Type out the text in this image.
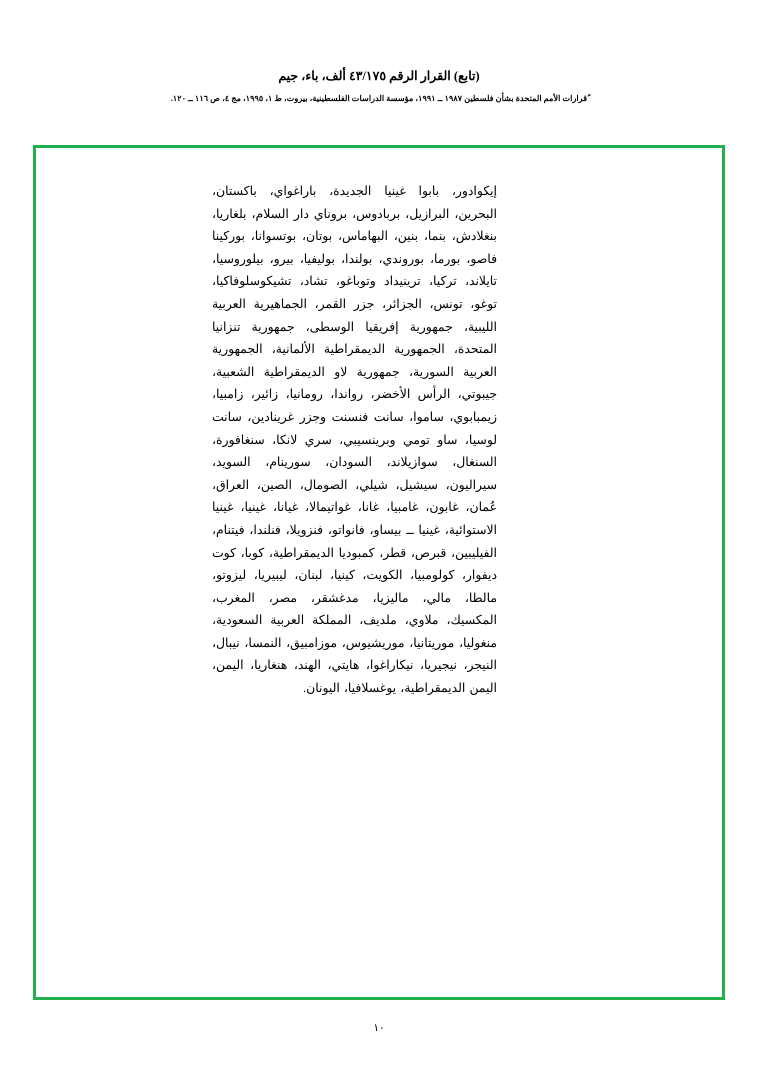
(تابع) القرار الرقم ٤٣/١٧٥ ألف، باء، جيم
ًقرارات الأمم المتحدة بشأن فلسطين ١٩٨٧ ــ ١٩٩١، مؤسسة الدراسات الفلسطينية، بيروت، ط ١، ١٩٩٥، مج ٤، ص ١١٦ ــ ١٢٠.
إيكوادور، بابوا غينيا الجديدة، باراغواي، باكستان، البحرين، البرازيل، بربادوس، بروناي دار السلام، بلغاريا، بنغلادش، بنما، بنين، البهاماس، بوتان، بوتسوانا، بوركينا فاصو، بورما، بوروندي، بولندا، بوليفيا، بيرو، بيلوروسيا، تايلاند، تركيا، ترينيداد وتوباغو، تشاد، تشيكوسلوفاكيا، توغو، تونس، الجزائر، جزر القمر، الجماهيرية العربية الليبية، جمهورية إفريقيا الوسطى، جمهورية تنزانيا المتحدة، الجمهورية الديمقراطية الألمانية، الجمهورية العربية السورية، جمهورية لاو الديمقراطية الشعبية، جيبوتي، الرأس الأخضر، رواندا، رومانيا، زائير، زامبيا، زيمبابوي، ساموا، سانت فنسنت وجزر غرينادين، سانت لوسيا، ساو تومي وبرينسيبي، سري لانكا، سنغافورة، السنغال، سوازيلاند، السودان، سورينام، السويد، سيراليون، سيشيل، شيلي، الصومال، الصين، العراق، عُمان، غابون، غامبيا، غانا، غواتيمالا، غيانا، غينيا، غينيا الاستوائية، غينيا ــ بيساو، فانواتو، فنزويلا، فنلندا، فيتنام، الفيليبين، قبرص، قطر، كمبوديا الديمقراطية، كوبا، كوت ديفوار، كولومبيا، الكويت، كينيا، لبنان، ليبيريا، ليزوتو، مالطا، مالي، ماليزيا، مدغشقر، مصر، المغرب، المكسيك، ملاوي، ملديف، المملكة العربية السعودية، منغوليا، موريتانيا، موريشيوس، موزامبيق، النمسا، نيبال، النيجر، نيجيريا، نيكاراغوا، هايتي، الهند، هنغاريا، اليمن، اليمن الديمقراطية، يوغسلافيا، اليونان.
١٠
